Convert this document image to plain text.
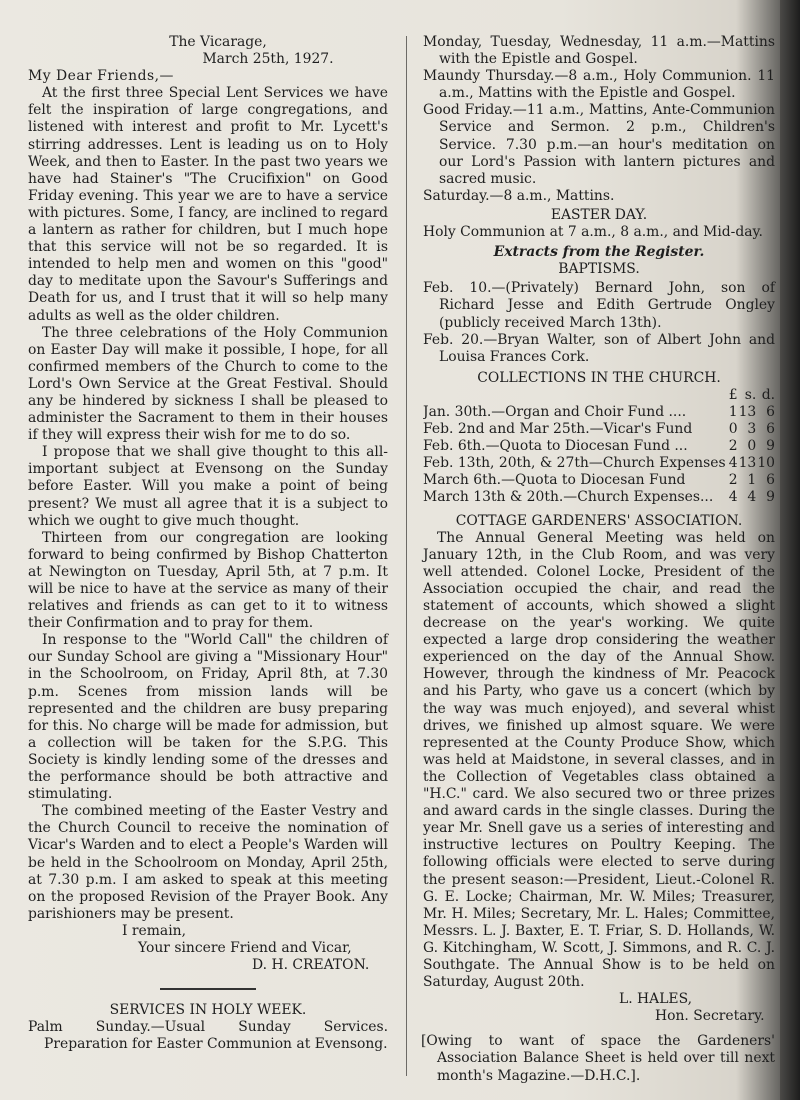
The Vicarage,

March 25th, 1927.

My Dear Friends,—

At the first three Special Lent Services we have felt the inspiration of large congregations, and listened with interest and profit to Mr. Lycett's stirring addresses. Lent is leading us on to Holy Week, and then to Easter. In the past two years we have had Stainer's "The Crucifixion" on Good Friday evening. This year we are to have a service with pictures. Some, I fancy, are inclined to regard a lantern as rather for children, but I much hope that this service will not be so regarded. It is intended to help men and women on this "good" day to meditate upon the Savour's Sufferings and Death for us, and I trust that it will so help many adults as well as the older children.

The three celebrations of the Holy Communion on Easter Day will make it possible, I hope, for all confirmed members of the Church to come to the Lord's Own Service at the Great Festival. Should any be hindered by sickness I shall be pleased to administer the Sacrament to them in their houses if they will express their wish for me to do so.

I propose that we shall give thought to this all-important subject at Evensong on the Sunday before Easter. Will you make a point of being present? We must all agree that it is a subject to which we ought to give much thought.

Thirteen from our congregation are looking forward to being confirmed by Bishop Chatterton at Newington on Tuesday, April 5th, at 7 p.m. It will be nice to have at the service as many of their relatives and friends as can get to it to witness their Confirmation and to pray for them.

In response to the "World Call" the children of our Sunday School are giving a "Missionary Hour" in the Schoolroom, on Friday, April 8th, at 7.30 p.m. Scenes from mission lands will be represented and the children are busy preparing for this. No charge will be made for admission, but a collection will be taken for the S.P.G. This Society is kindly lending some of the dresses and the performance should be both attractive and stimulating.

The combined meeting of the Easter Vestry and the Church Council to receive the nomination of Vicar's Warden and to elect a People's Warden will be held in the Schoolroom on Monday, April 25th, at 7.30 p.m. I am asked to speak at this meeting on the proposed Revision of the Prayer Book. Any parishioners may be present.

I remain,

Your sincere Friend and Vicar,

D. H. CREATON.

SERVICES IN HOLY WEEK.

Palm Sunday.—Usual Sunday Services. Preparation for Easter Communion at Evensong.

Monday, Tuesday, Wednesday, 11 a.m.—Mattins with the Epistle and Gospel.

Maundy Thursday.—8 a.m., Holy Communion. 11 a.m., Mattins with the Epistle and Gospel.

Good Friday.—11 a.m., Mattins, Ante-Communion Service and Sermon. 2 p.m., Children's Service. 7.30 p.m.—an hour's meditation on our Lord's Passion with lantern pictures and sacred music.

Saturday.—8 a.m., Mattins.

EASTER DAY.

Holy Communion at 7 a.m., 8 a.m., and Mid-day.

Extracts from the Register.

BAPTISMS.

Feb. 10.—(Privately) Bernard John, son of Richard Jesse and Edith Gertrude Ongley (publicly received March 13th).

Feb. 20.—Bryan Walter, son of Albert John and Louisa Frances Cork.

COLLECTIONS IN THE CHURCH.

	£	s.	d.
Jan. 30th.—Organ and Choir Fund ....	1	13	6
Feb. 2nd and Mar 25th.—Vicar's Fund	0	3	6
Feb. 6th.—Quota to Diocesan Fund ...	2	0	9
Feb. 13th, 20th, & 27th—Church Expenses	4	13	10
March 6th.—Quota to Diocesan Fund	2	1	6
March 13th & 20th.—Church Expenses...	4	4	9

COTTAGE GARDENERS' ASSOCIATION.

The Annual General Meeting was held on January 12th, in the Club Room, and was very well attended. Colonel Locke, President of the Association occupied the chair, and read the statement of accounts, which showed a slight decrease on the year's working. We quite expected a large drop considering the weather experienced on the day of the Annual Show. However, through the kindness of Mr. Peacock and his Party, who gave us a concert (which by the way was much enjoyed), and several whist drives, we finished up almost square. We were represented at the County Produce Show, which was held at Maidstone, in several classes, and in the Collection of Vegetables class obtained a "H.C." card. We also secured two or three prizes and award cards in the single classes. During the year Mr. Snell gave us a series of interesting and instructive lectures on Poultry Keeping. The following officials were elected to serve during the present season:—President, Lieut.-Colonel R. G. E. Locke; Chairman, Mr. W. Miles; Treasurer, Mr. H. Miles; Secretary, Mr. L. Hales; Committee, Messrs. L. J. Baxter, E. T. Friar, S. D. Hollands, W. G. Kitchingham, W. Scott, J. Simmons, and R. C. J. Southgate. The Annual Show is to be held on Saturday, August 20th.

L. HALES,

Hon. Secretary.

[Owing to want of space the Gardeners' Association Balance Sheet is held over till next month's Magazine.—D.H.C.].
